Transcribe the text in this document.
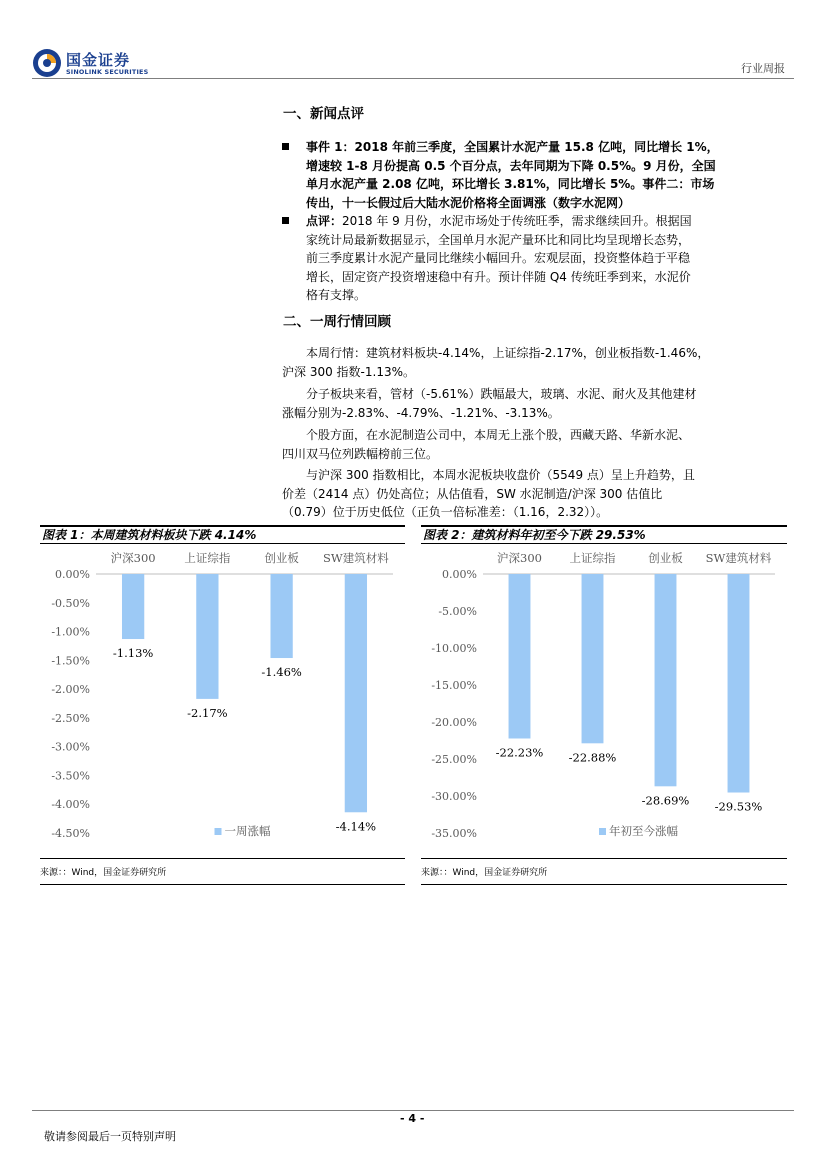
国金证券
SINOLINK SECURITIES	行业周报
一、新闻点评
事件 1：2018 年前三季度，全国累计水泥产量 15.8 亿吨，同比增长 1%，
增速较 1-8 月份提高 0.5 个百分点，去年同期为下降 0.5%。9 月份，全国
单月水泥产量 2.08 亿吨，环比增长 3.81%，同比增长 5%。事件二：市场
传出，十一长假过后大陆水泥价格将全面调涨（数字水泥网）
点评：2018 年 9 月份，水泥市场处于传统旺季，需求继续回升。根据国
家统计局最新数据显示，全国单月水泥产量环比和同比均呈现增长态势，
前三季度累计水泥产量同比继续小幅回升。宏观层面，投资整体趋于平稳
增长，固定资产投资增速稳中有升。预计伴随 Q4 传统旺季到来，水泥价
格有支撑。
二、一周行情回顾
本周行情：建筑材料板块-4.14%，上证综指-2.17%，创业板指数-1.46%，
沪深 300 指数-1.13%。
分子板块来看，管材（-5.61%）跌幅最大，玻璃、水泥、耐火及其他建材
涨幅分别为-2.83%、-4.79%、-1.21%、-3.13%。
个股方面，在水泥制造公司中，本周无上涨个股，西藏天路、华新水泥、
四川双马位列跌幅榜前三位。
与沪深 300 指数相比，本周水泥板块收盘价（5549 点）呈上升趋势，且
价差（2414 点）仍处高位；从估值看，SW 水泥制造/沪深 300 估值比
（0.79）位于历史低位（正负一倍标准差：（1.16，2.32））。
图表 1：本周建筑材料板块下跌 4.14%
0.00%
-0.50%
-1.00%
-1.50%
-2.00%
-2.50%
-3.00%
-3.50%
-4.00%
-4.50%
沪深300
-1.13%
上证综指
-2.17%
创业板
-1.46%
SW建筑材料
-4.14%
一周涨幅
来源：：Wind，国金证券研究所
图表 2：建筑材料年初至今下跌 29.53%
0.00%
-5.00%
-10.00%
-15.00%
-20.00%
-25.00%
-30.00%
-35.00%
沪深300
-22.23%
上证综指
-22.88%
创业板
-28.69%
SW建筑材料
-29.53%
年初至今涨幅
来源：：Wind，国金证券研究所
- 4 -
敬请参阅最后一页特别声明
